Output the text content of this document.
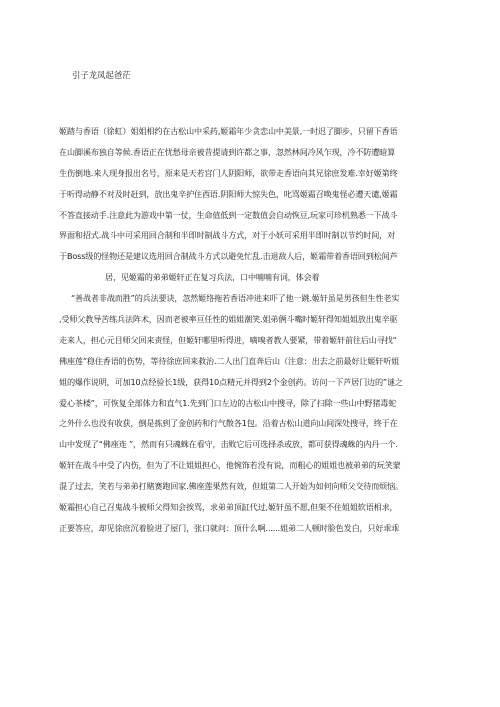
引子龙凤起爸茫
姬踏与香语（徐虹）姐姐相约在古松山中采药,姬霜年少贪恋山中美景,一时迟了脚步，只留下香语
在山脚溪布独自等候.香语正在忧愁母亲被昔提请到许都之事，忽然林间冷风乍现，冷不防遭暗算
生伤倒地.来人现身报出名号，原来是天若宫门人阴阳师，欲带走香语向其兄徐庶发难.幸好姬第终
于听得动静不对及时赶到，放出鬼辛护住西语.阴阳师大惊失色，叱骂姬霜召唤鬼怪必遭天谴,姬霜
不答直接动手.注意此为游戏中第一仗，生命值低到一定数值会自动恢豆,玩家可珍机熟悉一下战斗
界面和招式.战斗中可采用回合制和半即时制战斗方式，对于小妖可采用半即时制以节约时间，对
于Boss级的怪物还是建议选用回合制战斗方式以避免忙乱.击退敌人后，姬霜带着香语回到松间芦
居，见姬霜的弟弟姬轩正在复习兵法，口中喃喃有词，体会着
“善战者非战而胜”的兵法要诀，忽然姬络拖若香语冲进来吓了他一跳.姬轩虽是男孩但生性老实
,受师父教导苦练兵法阵术，因而老被率亘任性的姐姐潮笑.姐弟俩斗嘴时姬轩得知姐姐放出鬼辛驱
走来人，担心元目师父回来责怪，但姬轩哪里听得进，嘀嗅者教人要紧，带着姬轩前往后山寻找“
佛座莲”稳住香语的伤势，等待徐庶回来救治.二人出门直奔后山（注意：出去之前最好让姬轩听姐
姐的爆作说明，可加10点经验长1级，获得10点精元并得到2个金创药。访问一下芦居门边的”谜之
爱心茶楼”，可恢复全部体力和直气1.先到门口左边的古松山中搜寻，除了扫除一些山中野猪毒蛇
之外什么也没有收获，倒是拣到了金创药和行气散各1包。沿着古松山道向山间深处搜寻，终于在
山中发现了“佛座连 ”，然而有只魂蛛在看守，击败它后可选择杀或放，都可获得魂蛛的内丹一个.
姬轩在战斗中受了内伤，但为了不让姐姐担心，他惋饰若没有说，而粗心的姐姐也被弟弟的玩笑蒙
混了过去，笑若与弟弟打赌赛跑回家.佛座莲果然有效，但姐第二人开始为如何向师父交待而烦恼。
姬霜担心自己召鬼战斗被师父得知会挨骂，求弟弟顶缸代过,姬轩虽不愿,但架不住姐姐软语相求，
正要答应，却见徐庶沉着脸进了屋门，张口就问：顶什么啊......姐弟二人顿时脸色发白，只好乖乖
